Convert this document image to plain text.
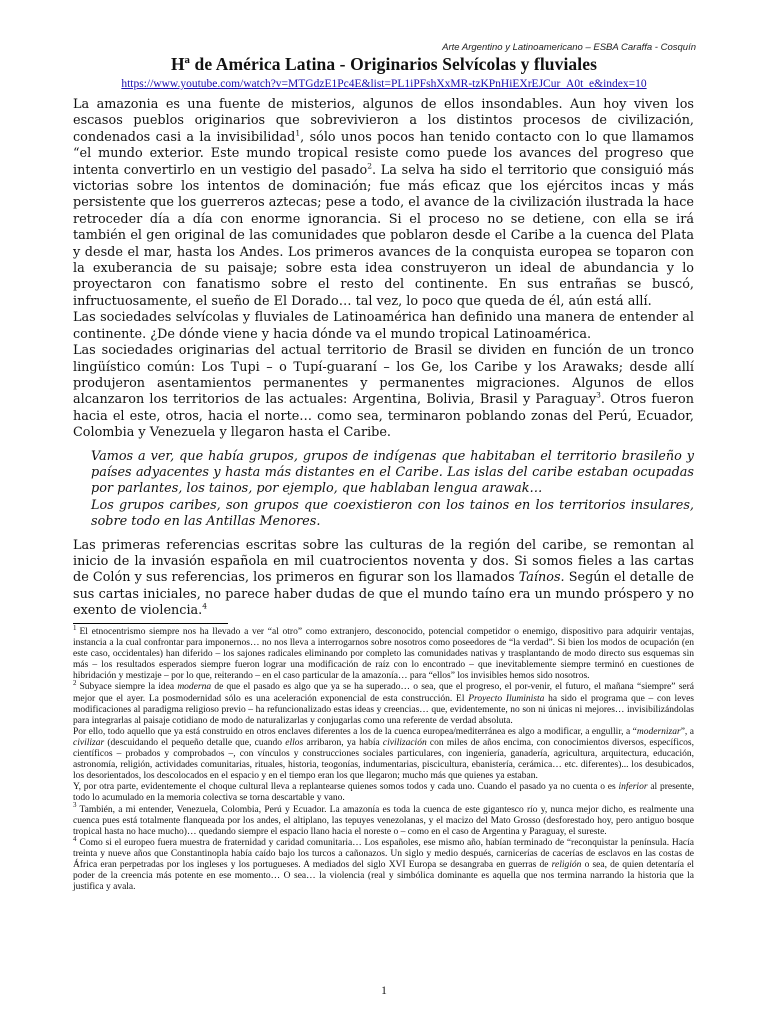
Arte Argentino y Latinoamericano – ESBA Caraffa - Cosquín
Hª de América Latina - Originarios Selvícolas y fluviales
https://www.youtube.com/watch?v=MTGdzE1Pc4E&list=PL1iPFshXxMR-tzKPnHiEXrEJCur_A0t_e&index=10

La amazonia es una fuente de misterios, algunos de ellos insondables. Aun hoy viven los escasos pueblos originarios que sobrevivieron a los distintos procesos de civilización, condenados casi a la invisibilidad$^1$, sólo unos pocos han tenido contacto con lo que llamamos “el mundo exterior. Este mundo tropical resiste como puede los avances del progreso que intenta convertirlo en un vestigio del pasado$^2$. La selva ha sido el territorio que consiguió más victorias sobre los intentos de dominación; fue más eficaz que los ejércitos incas y más persistente que los guerreros aztecas; pese a todo, el avance de la civilización ilustrada la hace retroceder día a día con enorme ignorancia. Si el proceso no se detiene, con ella se irá también el gen original de las comunidades que poblaron desde el Caribe a la cuenca del Plata y desde el mar, hasta los Andes. Los primeros avances de la conquista europea se toparon con la exuberancia de su paisaje; sobre esta idea construyeron un ideal de abundancia y lo proyectaron con fanatismo sobre el resto del continente. En sus entrañas se buscó, infructuosamente, el sueño de El Dorado… tal vez, lo poco que queda de él, aún está allí.

Las sociedades selvícolas y fluviales de Latinoamérica han definido una manera de entender al continente. ¿De dónde viene y hacia dónde va el mundo tropical Latinoamérica.

Las sociedades originarias del actual territorio de Brasil se dividen en función de un tronco lingüístico común: Los Tupi – o Tupí-guaraní – los Ge, los Caribe y los Arawaks; desde allí produjeron asentamientos permanentes y permanentes migraciones. Algunos de ellos alcanzaron los territorios de las actuales: Argentina, Bolivia, Brasil y Paraguay$^3$. Otros fueron hacia el este, otros, hacia el norte… como sea, terminaron poblando zonas del Perú, Ecuador, Colombia y Venezuela y llegaron hasta el Caribe.

Vamos a ver, que había grupos, grupos de indígenas que habitaban el territorio brasileño y países adyacentes y hasta más distantes en el Caribe. Las islas del caribe estaban ocupadas por parlantes, los tainos, por ejemplo, que hablaban lengua arawak…

Los grupos caribes, son grupos que coexistieron con los tainos en los territorios insulares, sobre todo en las Antillas Menores.

Las primeras referencias escritas sobre las culturas de la región del caribe, se remontan al inicio de la invasión española en mil cuatrocientos noventa y dos. Si somos fieles a las cartas de Colón y sus referencias, los primeros en figurar son los llamados Taínos. Según el detalle de sus cartas iniciales, no parece haber dudas de que el mundo taíno era un mundo próspero y no exento de violencia.$^4$

$^1$ El etnocentrismo siempre nos ha llevado a ver “al otro” como extranjero, desconocido, potencial competidor o enemigo, dispositivo para adquirir ventajas, instancia a la cual confrontar para imponernos… no nos lleva a interrogarnos sobre nosotros como poseedores de “la verdad”. Si bien los modos de ocupación (en este caso, occidentales) han diferido – los sajones radicales eliminando por completo las comunidades nativas y trasplantando de modo directo sus esquemas sin más – los resultados esperados siempre fueron lograr una modificación de raíz con lo encontrado – que inevitablemente siempre terminó en cuestiones de hibridación y mestizaje – por lo que, reiterando – en el caso particular de la amazonía… para “ellos” los invisibles hemos sido nosotros.

$^2$ Subyace siempre la idea moderna de que el pasado es algo que ya se ha superado… o sea, que el progreso, el por-venir, el futuro, el mañana “siempre” será mejor que el ayer. La posmodernidad sólo es una aceleración exponencial de esta construcción. El Proyecto Iluminista ha sido el programa que – con leves modificaciones al paradigma religioso previo – ha refuncionalizado estas ideas y creencias… que, evidentemente, no son ni únicas ni mejores… invisibilizándolas para integrarlas al paisaje cotidiano de modo de naturalizarlas y conjugarlas como una referente de verdad absoluta.

Por ello, todo aquello que ya está construido en otros enclaves diferentes a los de la cuenca europea/mediterránea es algo a modificar, a engullir, a “modernizar”, a civilizar (descuidando el pequeño detalle que, cuando ellos arribaron, ya había civilización con miles de años encima, con conocimientos diversos, específicos, científicos – probados y comprobados –, con vínculos y construcciones sociales particulares, con ingeniería, ganadería, agricultura, arquitectura, educación, astronomía, religión, actividades comunitarias, rituales, historia, teogonías, indumentarias, piscicultura, ebanistería, cerámica… etc. diferentes)... los desubicados, los desorientados, los descolocados en el espacio y en el tiempo eran los que llegaron; mucho más que quienes ya estaban.

Y, por otra parte, evidentemente el choque cultural lleva a replantearse quienes somos todos y cada uno. Cuando el pasado ya no cuenta o es inferior al presente, todo lo acumulado en la memoria colectiva se torna descartable y vano.

$^3$ También, a mi entender, Venezuela, Colombia, Perú y Ecuador. La amazonía es toda la cuenca de este gigantesco río y, nunca mejor dicho, es realmente una cuenca pues está totalmente flanqueada por los andes, el altiplano, las tepuyes venezolanas, y el macizo del Mato Grosso (desforestado hoy, pero antiguo bosque tropical hasta no hace mucho)… quedando siempre el espacio llano hacia el noreste o – como en el caso de Argentina y Paraguay, el sureste.

$^4$ Como si el europeo fuera muestra de fraternidad y caridad comunitaria… Los españoles, ese mismo año, habían terminado de “reconquistar la península. Hacía treinta y nueve años que Constantinopla había caído bajo los turcos a cañonazos. Un siglo y medio después, carnicerías de cacerías de esclavos en las costas de África eran perpetradas por los ingleses y los portugueses. A mediados del siglo XVI Europa se desangraba en guerras de religión o sea, de quien detentaría el poder de la creencia más potente en ese momento… O sea… la violencia (real y simbólica dominante es aquella que nos termina narrando la historia que la justifica y avala.

1
